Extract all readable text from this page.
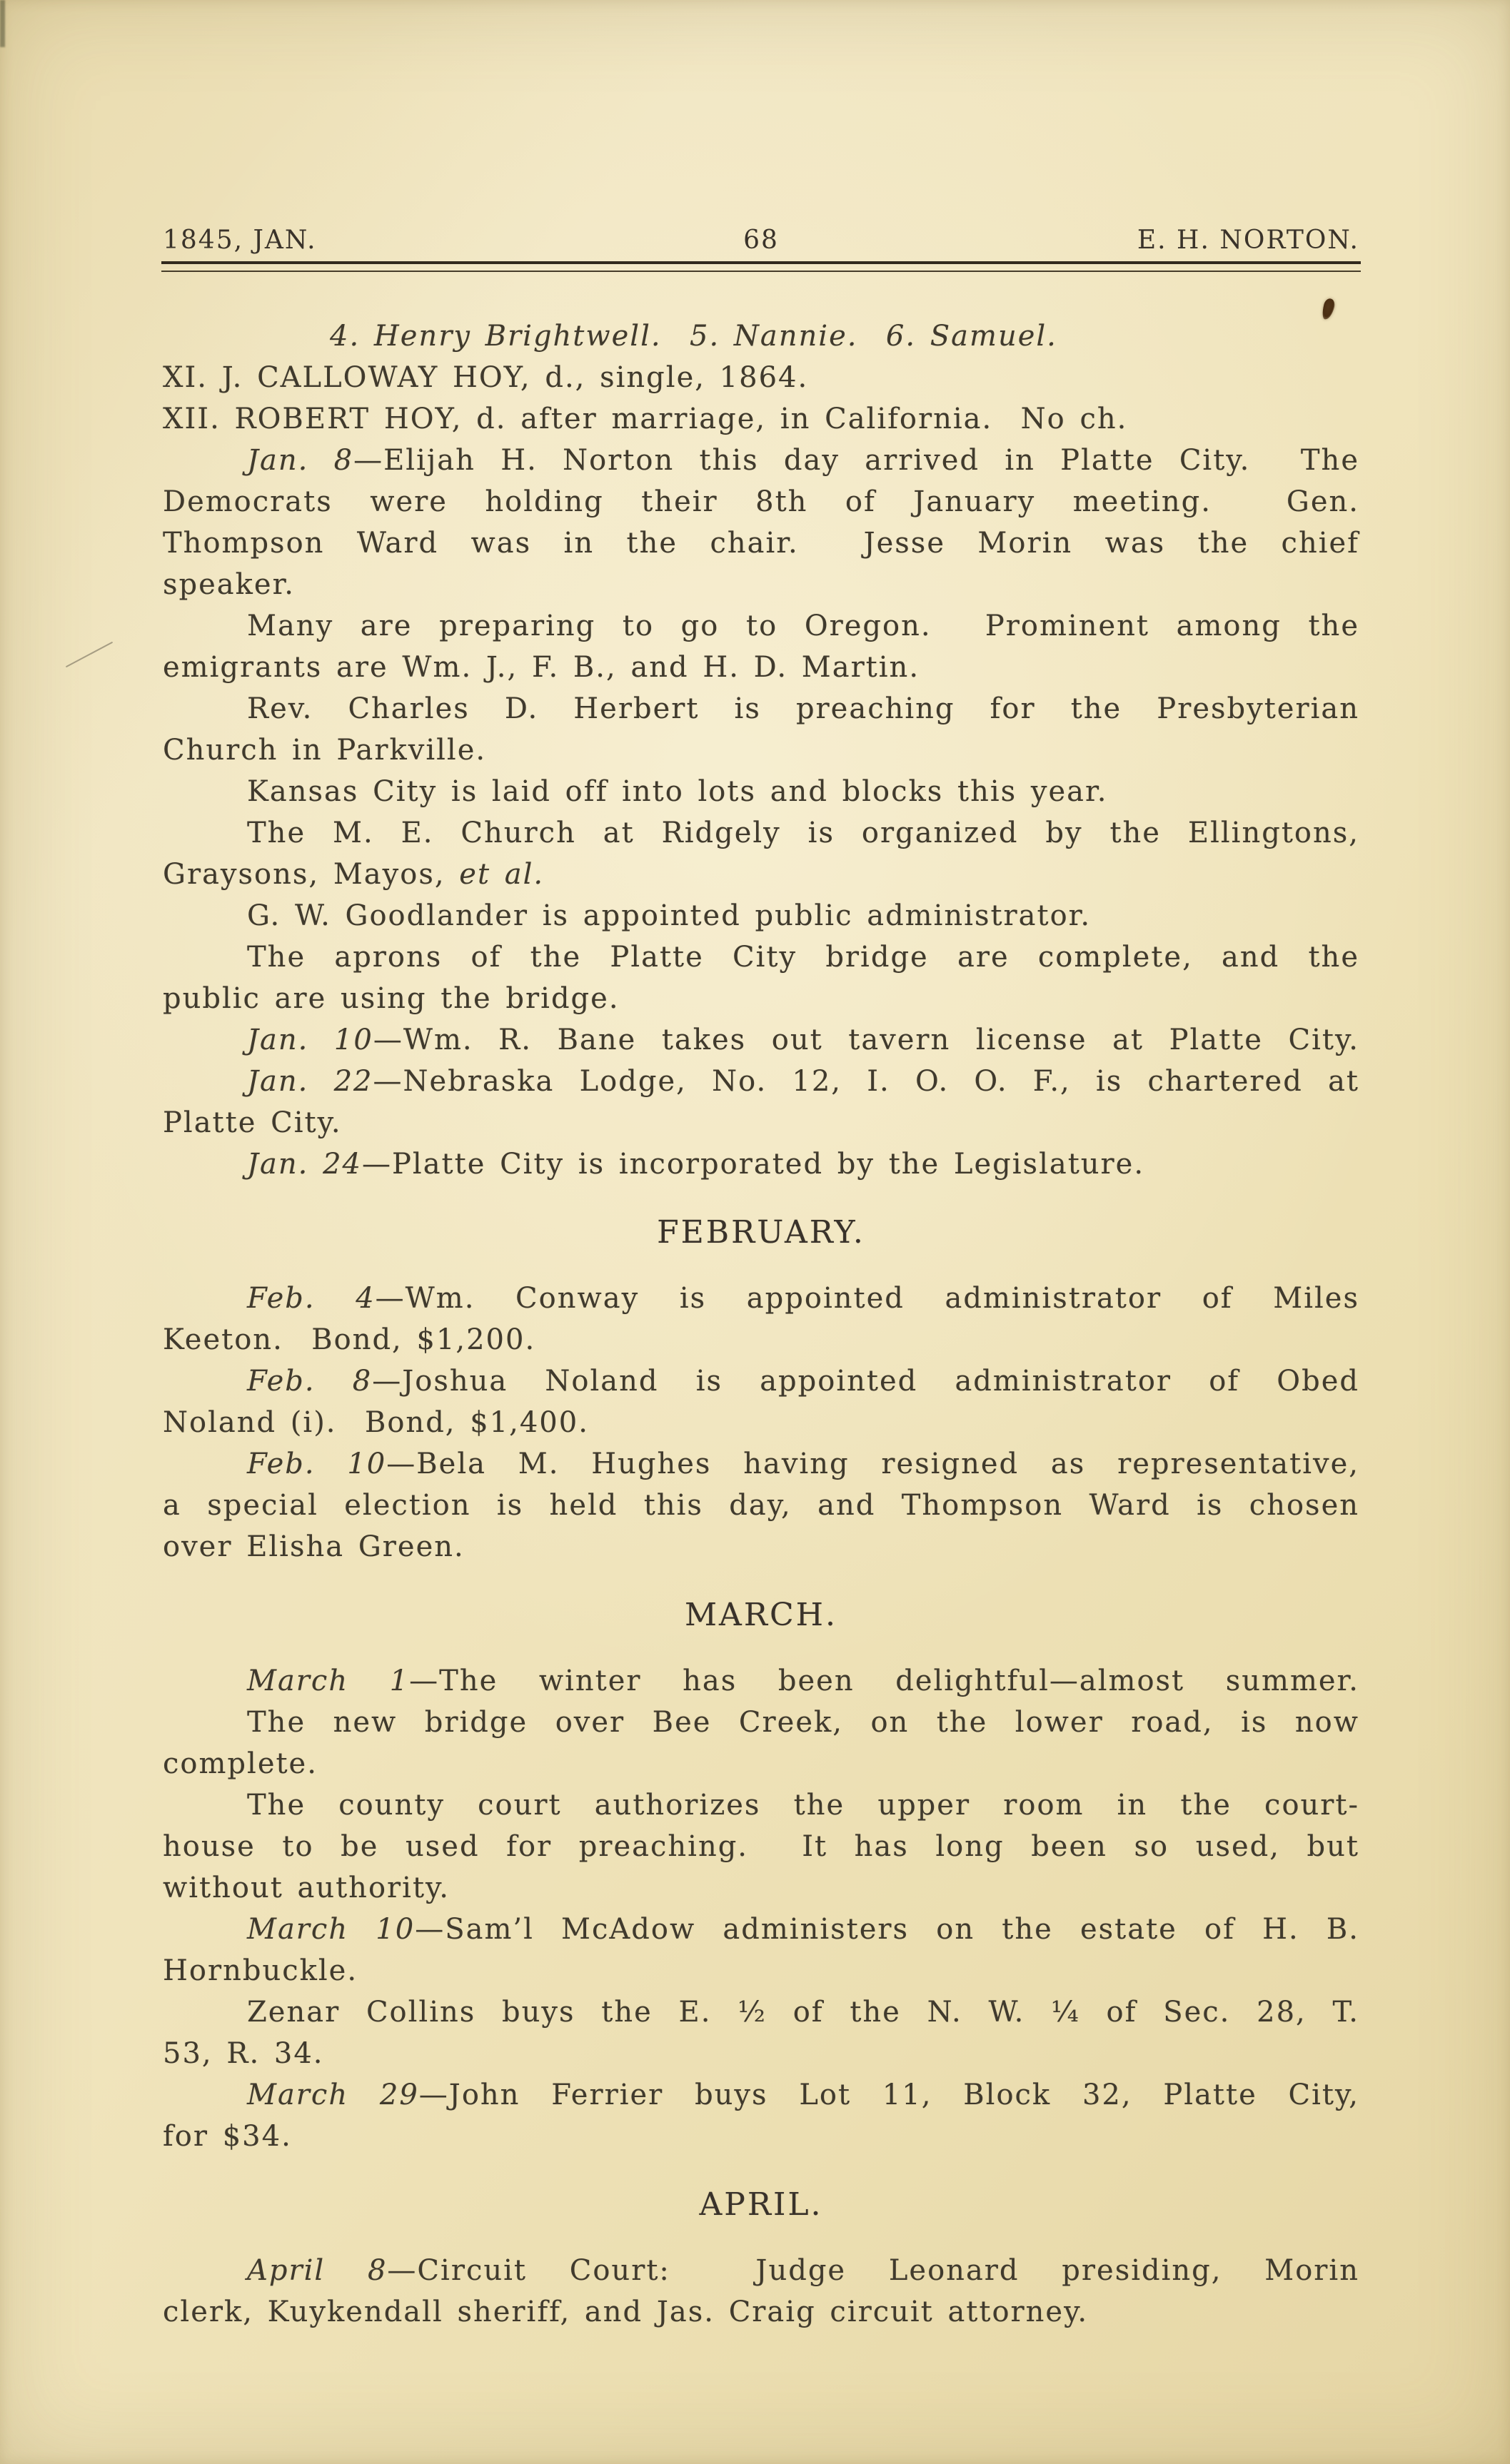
1845, JAN.	68	E. H. NORTON.
4. Henry Brightwell.  5. Nannie.  6. Samuel.
XI. J. CALLOWAY HOY, d., single, 1864.
XII. ROBERT HOY, d. after marriage, in California.  No ch.
Jan. 8—Elijah H. Norton this day arrived in Platte City.  The
Democrats were holding their 8th of January meeting.  Gen.
Thompson Ward was in the chair.  Jesse Morin was the chief
speaker.
Many are preparing to go to Oregon.  Prominent among the
emigrants are Wm. J., F. B., and H. D. Martin.
Rev. Charles D. Herbert is preaching for the Presbyterian
Church in Parkville.
Kansas City is laid off into lots and blocks this year.
The M. E. Church at Ridgely is organized by the Ellingtons,
Graysons, Mayos, et al.
G. W. Goodlander is appointed public administrator.
The aprons of the Platte City bridge are complete, and the
public are using the bridge.
Jan. 10—Wm. R. Bane takes out tavern license at Platte City.
Jan. 22—Nebraska Lodge, No. 12, I. O. O. F., is chartered at
Platte City.
Jan. 24—Platte City is incorporated by the Legislature.
FEBRUARY.
Feb. 4—Wm. Conway is appointed administrator of Miles
Keeton.  Bond, $1,200.
Feb. 8—Joshua Noland is appointed administrator of Obed
Noland (i).  Bond, $1,400.
Feb. 10—Bela M. Hughes having resigned as representative,
a special election is held this day, and Thompson Ward is chosen
over Elisha Green.
MARCH.
March 1—The winter has been delightful—almost summer.
The new bridge over Bee Creek, on the lower road, is now
complete.
The county court authorizes the upper room in the court-
house to be used for preaching.  It has long been so used, but
without authority.
March 10—Sam’l McAdow administers on the estate of H. B.
Hornbuckle.
Zenar Collins buys the E. ½ of the N. W. ¼ of Sec. 28, T.
53, R. 34.
March 29—John Ferrier buys Lot 11, Block 32, Platte City,
for $34.
APRIL.
April 8—Circuit Court:  Judge Leonard presiding, Morin
clerk, Kuykendall sheriff, and Jas. Craig circuit attorney.
